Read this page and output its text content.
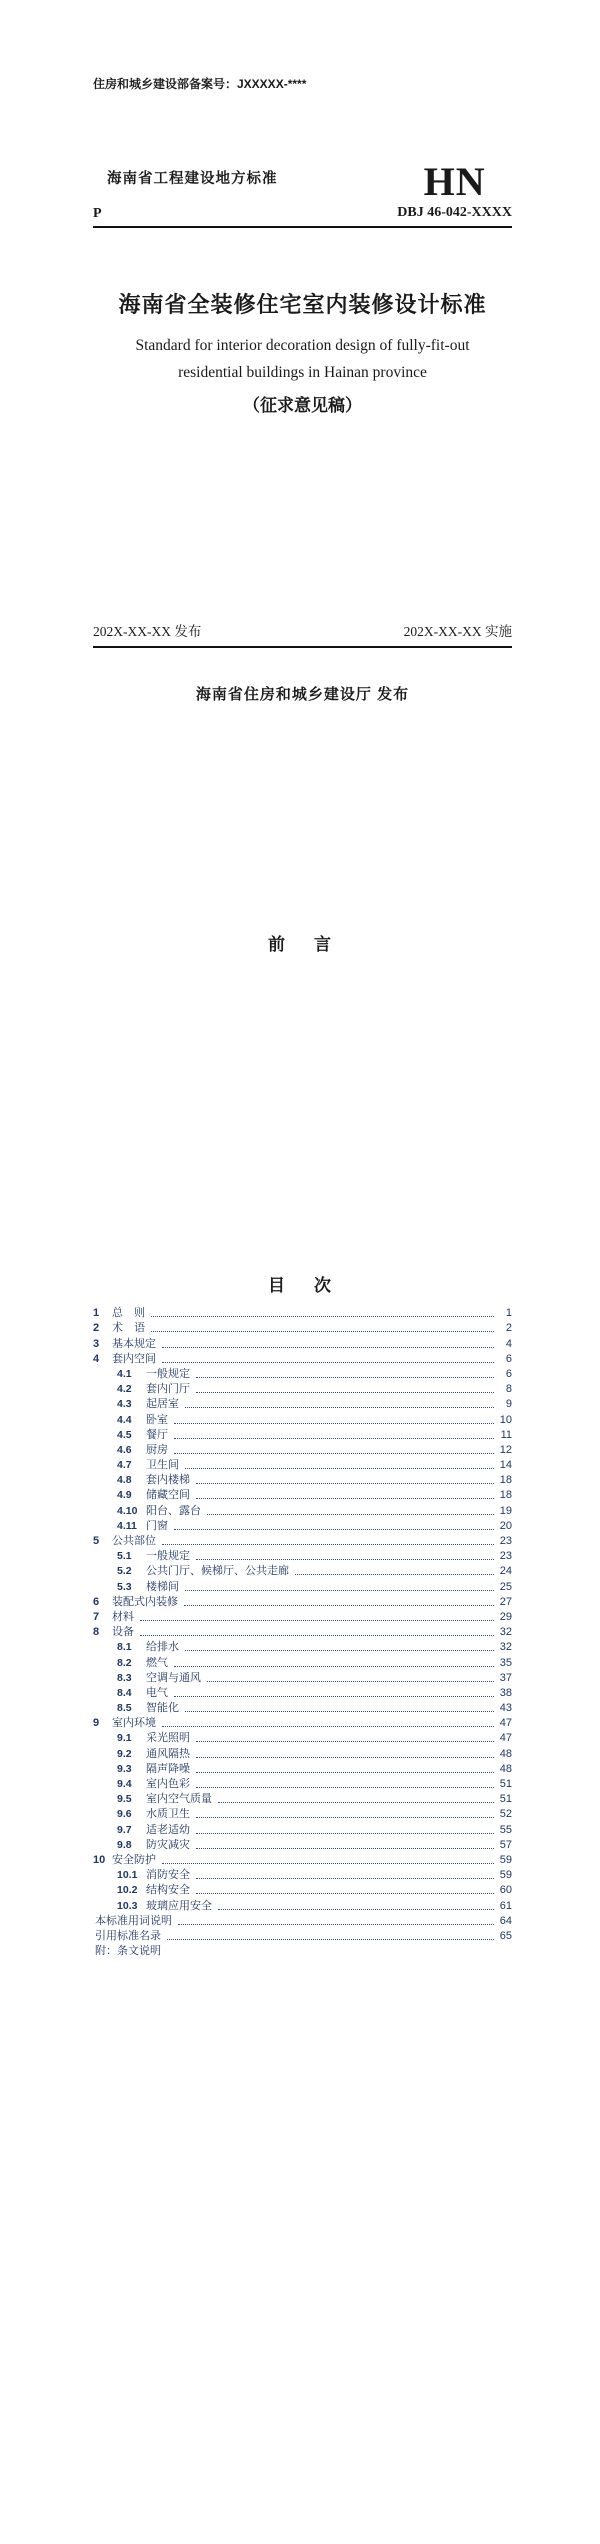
住房和城乡建设部备案号：JXXXXX-****
海南省工程建设地方标准
P
HN
DBJ 46-042-XXXX
海南省全装修住宅室内装修设计标准
Standard for interior decoration design of fully-fit-out
residential buildings in Hainan province
（征求意见稿）
202X-XX-XX 发布	202X-XX-XX 实施
海南省住房和城乡建设厅 发布
前　言

目　次
1	总　则	1
2	术　语	2
3	基本规定	4
4	套内空间	6
4.1	一般规定	6
4.2	套内门厅	8
4.3	起居室	9
4.4	卧室	10
4.5	餐厅	11
4.6	厨房	12
4.7	卫生间	14
4.8	套内楼梯	18
4.9	储藏空间	18
4.10 阳台、露台	19
4.11 门窗	20
5	公共部位	23
5.1	一般规定	23
5.2	公共门厅、候梯厅、公共走廊	24
5.3	楼梯间	25
6	装配式内装修	27
7	材料	29
8	设备	32
8.1	给排水	32
8.2	燃气	35
8.3	空调与通风	37
8.4	电气	38
8.5	智能化	43
9	室内环境	47
9.1	采光照明	47
9.2	通风隔热	48
9.3	隔声降噪	48
9.4	室内色彩	51
9.5	室内空气质量	51
9.6	水质卫生	52
9.7	适老适幼	55
9.8	防灾减灾	57
10 安全防护	59
10.1 消防安全	59
10.2 结构安全	60
10.3 玻璃应用安全	61
本标准用词说明	64
引用标准名录	65
附：条文说明
